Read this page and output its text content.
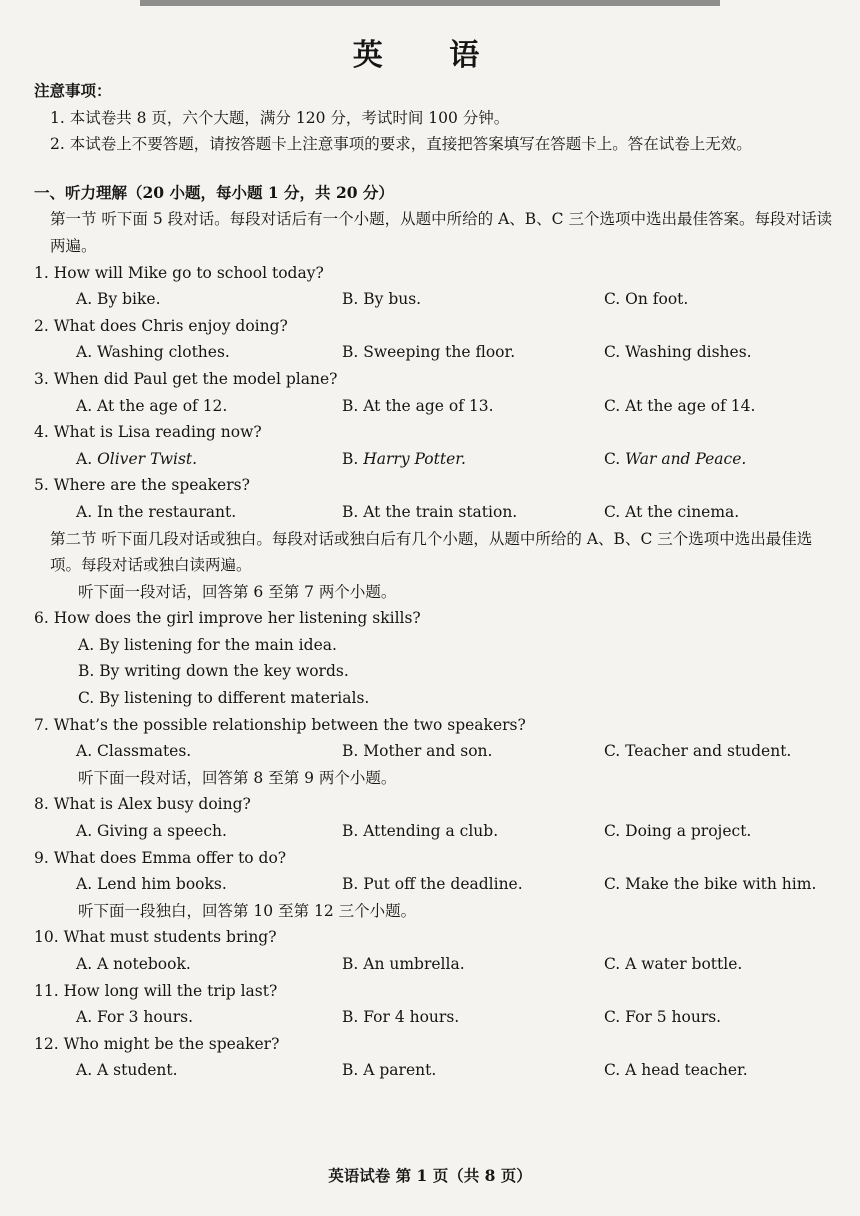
英 语
注意事项：
1. 本试卷共 8 页，六个大题，满分 120 分，考试时间 100 分钟。
2. 本试卷上不要答题，请按答题卡上注意事项的要求，直接把答案填写在答题卡上。答在试卷上无效。
一、听力理解（20 小题，每小题 1 分，共 20 分）
第一节 听下面 5 段对话。每段对话后有一个小题，从题中所给的 A、B、C 三个选项中选出最佳答案。每段对话读两遍。
1. How will Mike go to school today?
A. By bike.	B. By bus.	C. On foot.
2. What does Chris enjoy doing?
A. Washing clothes.	B. Sweeping the floor.	C. Washing dishes.
3. When did Paul get the model plane?
A. At the age of 12.	B. At the age of 13.	C. At the age of 14.
4. What is Lisa reading now?
A. Oliver Twist.	B. Harry Potter.	C. War and Peace.
5. Where are the speakers?
A. In the restaurant.	B. At the train station.	C. At the cinema.
第二节 听下面几段对话或独白。每段对话或独白后有几个小题，从题中所给的 A、B、C 三个选项中选出最佳选项。每段对话或独白读两遍。
听下面一段对话，回答第 6 至第 7 两个小题。
6. How does the girl improve her listening skills?
A. By listening for the main idea.
B. By writing down the key words.
C. By listening to different materials.
7. What’s the possible relationship between the two speakers?
A. Classmates.	B. Mother and son.	C. Teacher and student.
听下面一段对话，回答第 8 至第 9 两个小题。
8. What is Alex busy doing?
A. Giving a speech.	B. Attending a club.	C. Doing a project.
9. What does Emma offer to do?
A. Lend him books.	B. Put off the deadline.	C. Make the bike with him.
听下面一段独白，回答第 10 至第 12 三个小题。
10. What must students bring?
A. A notebook.	B. An umbrella.	C. A water bottle.
11. How long will the trip last?
A. For 3 hours.	B. For 4 hours.	C. For 5 hours.
12. Who might be the speaker?
A. A student.	B. A parent.	C. A head teacher.
英语试卷 第 1 页（共 8 页）
